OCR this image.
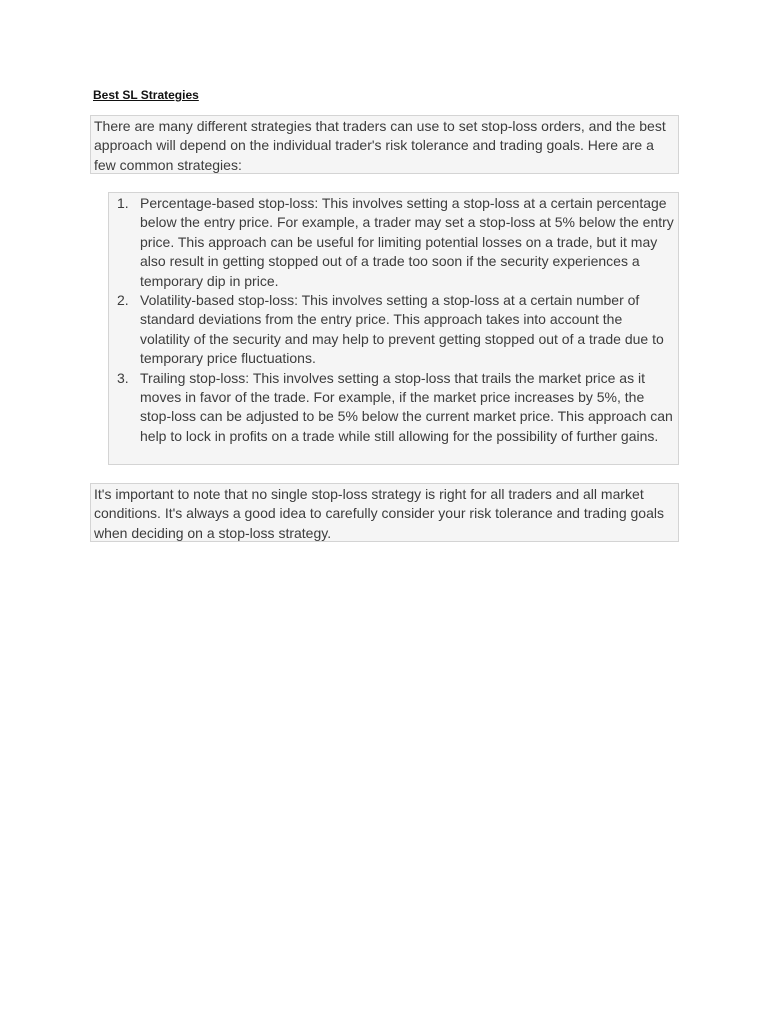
Best SL Strategies
There are many different strategies that traders can use to set stop-loss orders, and the best approach will depend on the individual trader's risk tolerance and trading goals. Here are a few common strategies:
1. Percentage-based stop-loss: This involves setting a stop-loss at a certain percentage below the entry price. For example, a trader may set a stop-loss at 5% below the entry price. This approach can be useful for limiting potential losses on a trade, but it may also result in getting stopped out of a trade too soon if the security experiences a temporary dip in price.
2. Volatility-based stop-loss: This involves setting a stop-loss at a certain number of standard deviations from the entry price. This approach takes into account the volatility of the security and may help to prevent getting stopped out of a trade due to temporary price fluctuations.
3. Trailing stop-loss: This involves setting a stop-loss that trails the market price as it moves in favor of the trade. For example, if the market price increases by 5%, the stop-loss can be adjusted to be 5% below the current market price. This approach can help to lock in profits on a trade while still allowing for the possibility of further gains.
It's important to note that no single stop-loss strategy is right for all traders and all market conditions. It's always a good idea to carefully consider your risk tolerance and trading goals when deciding on a stop-loss strategy.
